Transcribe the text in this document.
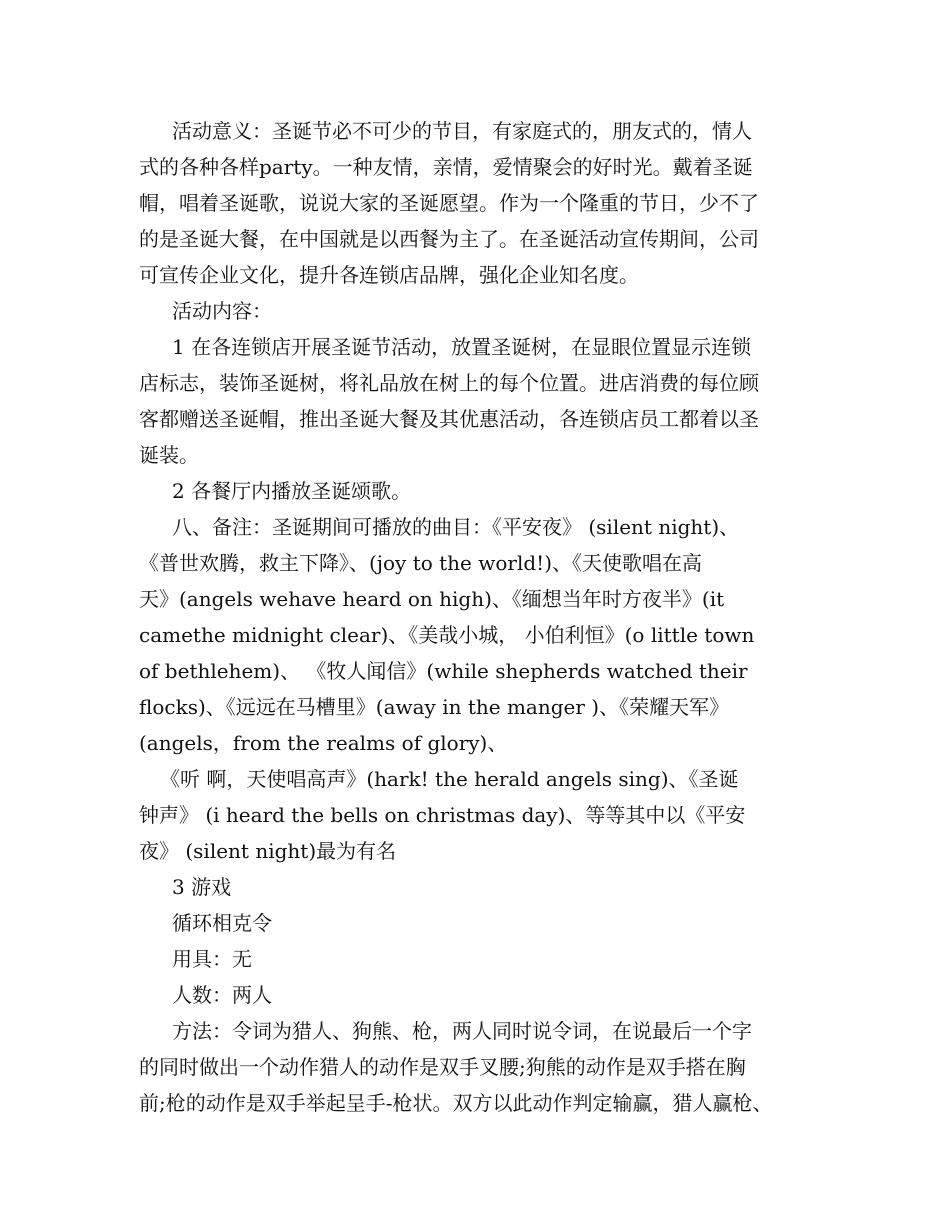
活动意义：圣诞节必不可少的节目，有家庭式的，朋友式的，情人
式的各种各样party。一种友情，亲情，爱情聚会的好时光。戴着圣诞
帽，唱着圣诞歌，说说大家的圣诞愿望。作为一个隆重的节日，少不了
的是圣诞大餐，在中国就是以西餐为主了。在圣诞活动宣传期间，公司
可宣传企业文化，提升各连锁店品牌，强化企业知名度。
活动内容：
1 在各连锁店开展圣诞节活动，放置圣诞树，在显眼位置显示连锁
店标志，装饰圣诞树，将礼品放在树上的每个位置。进店消费的每位顾
客都赠送圣诞帽，推出圣诞大餐及其优惠活动，各连锁店员工都着以圣
诞装。
2 各餐厅内播放圣诞颂歌。
八、备注：圣诞期间可播放的曲目：《平安夜》 (silent night)、
《普世欢腾，救主下降》、(joy to the world!)、《天使歌唱在高
天》(angels wehave heard on high)、《缅想当年时方夜半》(it
camethe midnight clear)、《美哉小城， 小伯利恒》(o little town
of bethlehem)、 《牧人闻信》(while shepherds watched their
flocks)、《远远在马槽里》(away in the manger )、《荣耀天军》
(angels，from the realms of glory)、
《听 啊，天使唱高声》(hark! the herald angels sing)、《圣诞
钟声》 (i heard the bells on christmas day)、等等其中以《平安
夜》 (silent night)最为有名
3 游戏
循环相克令
用具：无
人数：两人
方法：令词为猎人、狗熊、枪，两人同时说令词，在说最后一个字
的同时做出一个动作猎人的动作是双手叉腰;狗熊的动作是双手搭在胸
前;枪的动作是双手举起呈手-枪状。双方以此动作判定输赢，猎人赢枪、
